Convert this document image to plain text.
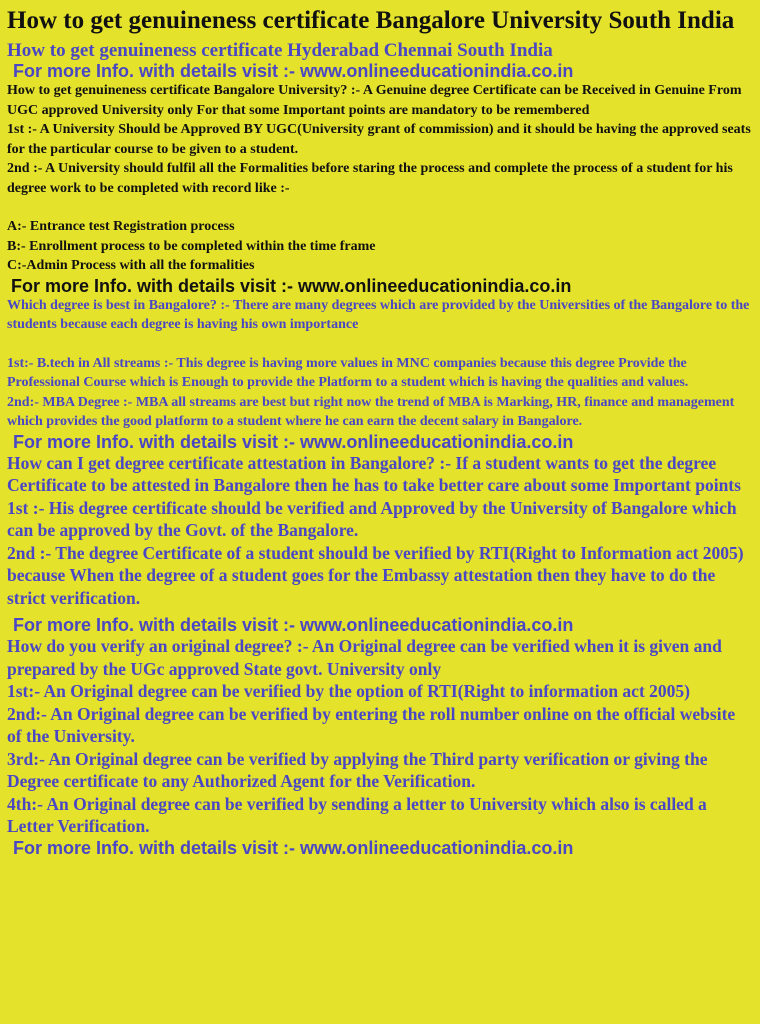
How to get genuineness certificate Bangalore University South India
How to get genuineness certificate Hyderabad Chennai South India
For more Info. with details visit :- www.onlineeducationindia.co.in
How to get genuineness certificate Bangalore University? :- A Genuine degree Certificate can be Received in Genuine From UGC approved University only For that some Important points are mandatory to be remembered
1st :- A University Should be Approved BY UGC(University grant of commission) and it should be having the approved seats for the particular course to be given to a student.
2nd :- A University should fulfil all the Formalities before staring the process and complete the process of a student for his degree work to be completed with record like :-
A:- Entrance test Registration process
B:- Enrollment process to be completed within the time frame
C:-Admin Process with all the formalities
For more Info. with details visit :- www.onlineeducationindia.co.in
Which degree is best in Bangalore? :- There are many degrees which are provided by the Universities of the Bangalore to the students because each degree is having his own importance
1st:- B.tech in All streams :- This degree is having more values in MNC companies because this degree Provide the Professional Course which is Enough to provide the Platform to a student which is having the qualities and values.
2nd:- MBA Degree :- MBA all streams are best but right now the trend of MBA is Marking, HR, finance and management which provides the good platform to a student where he can earn the decent salary in Bangalore.
For more Info. with details visit :- www.onlineeducationindia.co.in
How can I get degree certificate attestation in Bangalore? :- If a student wants to get the degree Certificate to be attested in Bangalore then he has to take better care about some Important points
1st :- His degree certificate should be verified and Approved by the University of Bangalore which can be approved by the Govt. of the Bangalore.
2nd :- The degree Certificate of a student should be verified by RTI(Right to Information act 2005) because When the degree of a student goes for the Embassy attestation then they have to do the strict verification.
For more Info. with details visit :- www.onlineeducationindia.co.in
How do you verify an original degree? :- An Original degree can be verified when it is given and prepared by the UGc approved State govt. University only
1st:- An Original degree can be verified by the option of RTI(Right to information act 2005)
2nd:- An Original degree can be verified by entering the roll number online on the official website of the University.
3rd:- An Original degree can be verified by applying the Third party verification or giving the Degree certificate to any Authorized Agent for the Verification.
4th:- An Original degree can be verified by sending a letter to University which also is called a Letter Verification.
For more Info. with details visit :- www.onlineeducationindia.co.in
